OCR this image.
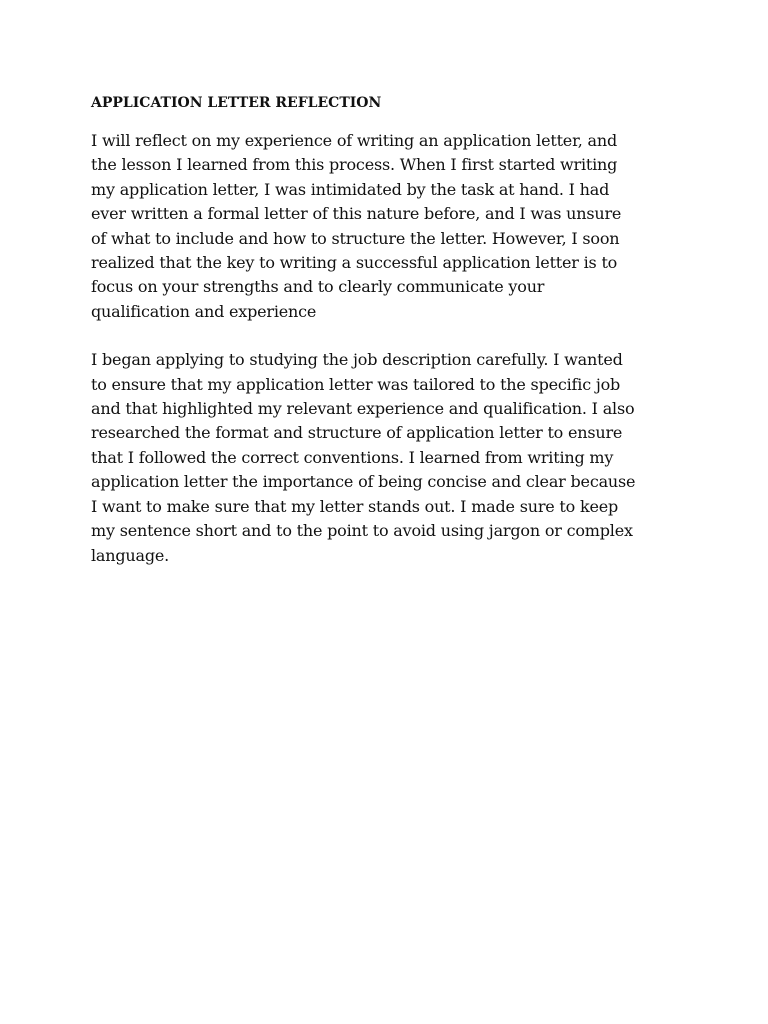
APPLICATION LETTER REFLECTION
I will reflect on my experience of writing an application letter, and
the lesson I learned from this process. When I first started writing
my application letter, I was intimidated by the task at hand. I had
ever written a formal letter of this nature before, and I was unsure
of what to include and how to structure the letter. However, I soon
realized that the key to writing a successful application letter is to
focus on your strengths and to clearly communicate your
qualification and experience
I began applying to studying the job description carefully. I wanted
to ensure that my application letter was tailored to the specific job
and that highlighted my relevant experience and qualification. I also
researched the format and structure of application letter to ensure
that I followed the correct conventions. I learned from writing my
application letter the importance of being concise and clear because
I want to make sure that my letter stands out. I made sure to keep
my sentence short and to the point to avoid using jargon or complex
language.
